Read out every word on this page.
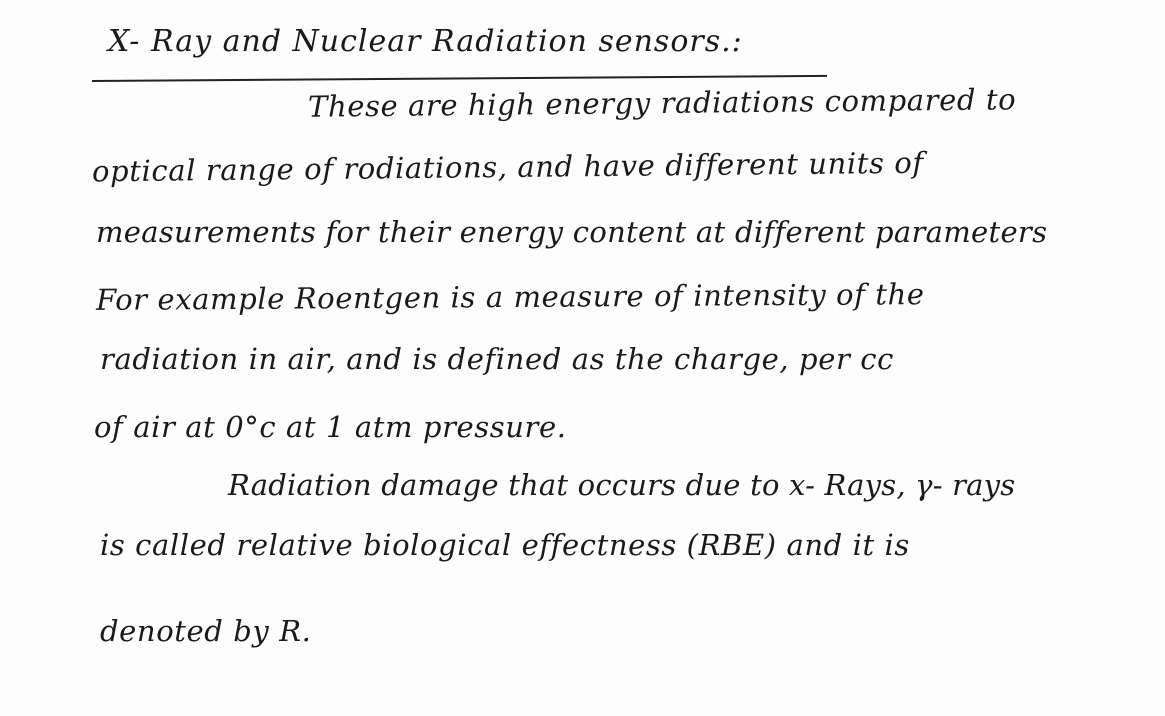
X- Ray and Nuclear Radiation sensors.:
These are high energy radiations compared to
optical range of rodiations, and have different units of
measurements for their energy content at different parameters
For example Roentgen is a measure of intensity of the
radiation in air, and is defined as the charge, per cc
of air at 0°c at 1 atm pressure.
Radiation damage that occurs due to x- Rays, γ- rays
is called relative biological effectness (RBE) and it is
denoted by R.
